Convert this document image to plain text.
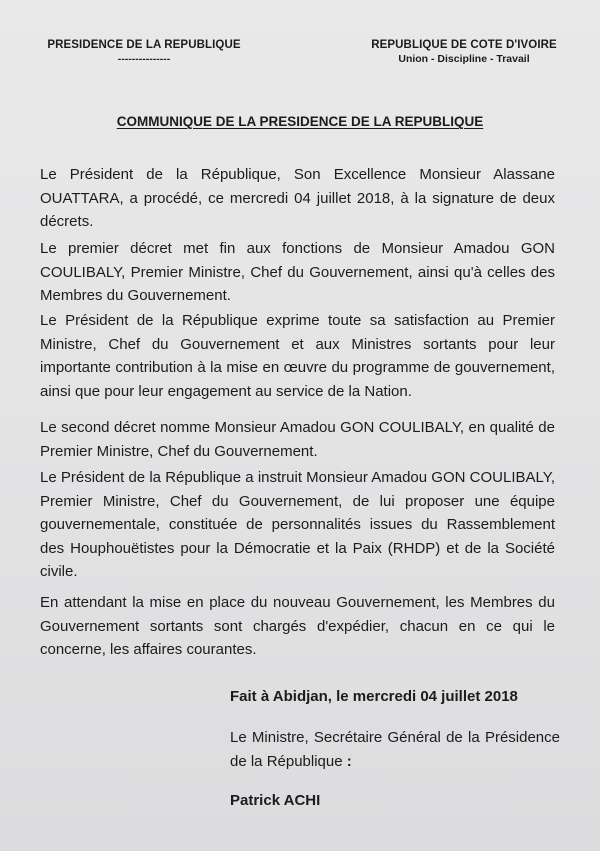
PRESIDENCE DE LA REPUBLIQUE
---------------
REPUBLIQUE DE COTE D'IVOIRE
Union - Discipline - Travail
COMMUNIQUE DE LA PRESIDENCE DE LA REPUBLIQUE

Le Président de la République, Son Excellence Monsieur Alassane OUATTARA, a procédé, ce mercredi 04 juillet 2018, à la signature de deux décrets.

Le premier décret met fin aux fonctions de Monsieur Amadou GON COULIBALY, Premier Ministre, Chef du Gouvernement, ainsi qu'à celles des Membres du Gouvernement.

Le Président de la République exprime toute sa satisfaction au Premier Ministre, Chef du Gouvernement et aux Ministres sortants pour leur importante contribution à la mise en œuvre du programme de gouvernement, ainsi que pour leur engagement au service de la Nation.

Le second décret nomme Monsieur Amadou GON COULIBALY, en qualité de Premier Ministre, Chef du Gouvernement.

Le Président de la République a instruit Monsieur Amadou GON COULIBALY, Premier Ministre, Chef du Gouvernement, de lui proposer une équipe gouvernementale, constituée de personnalités issues du Rassemblement des Houphouëtistes pour la Démocratie et la Paix (RHDP) et de la Société civile.

En attendant la mise en place du nouveau Gouvernement, les Membres du Gouvernement sortants sont chargés d'expédier, chacun en ce qui le concerne, les affaires courantes.

Fait à Abidjan, le mercredi 04 juillet 2018

Le Ministre, Secrétaire Général de la Présidence de la République :

Patrick ACHI
